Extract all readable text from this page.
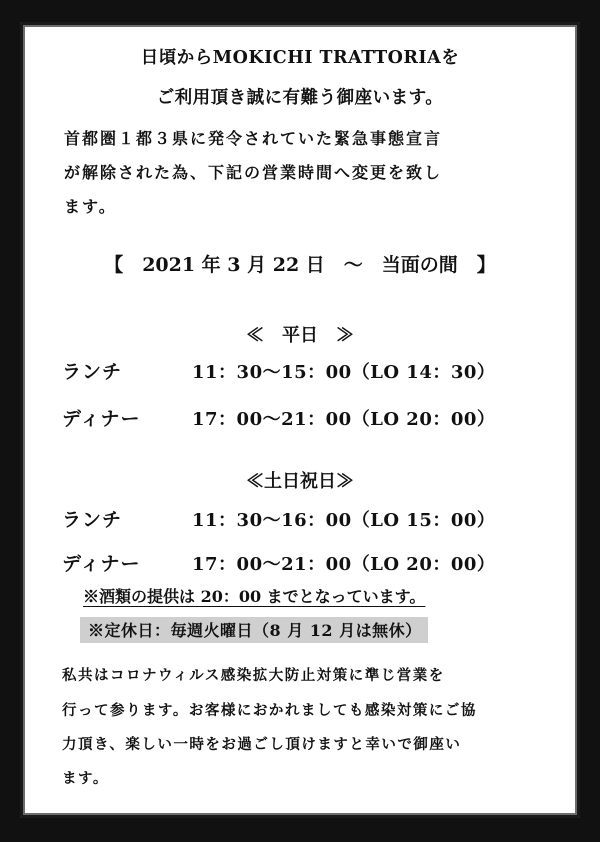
日頃からMOKICHI TRATTORIAを
ご利用頂き誠に有難う御座います。
首都圏１都３県に発令されていた緊急事態宣言
が解除された為、下記の営業時間へ変更を致し
ます。
【　2021 年 3 月 22 日　～　当面の間　】
≪　平日　≫
ランチ	11：30～15：00（LO 14：30）
ディナー	17：00～21：00（LO 20：00）
≪土日祝日≫
ランチ	11：30～16：00（LO 15：00）
ディナー	17：00～21：00（LO 20：00）
※酒類の提供は 20：00 までとなっています。
※定休日：毎週火曜日（8 月 12 月は無休）
私共はコロナウィルス感染拡大防止対策に準じ営業を
行って参ります。お客様におかれましても感染対策にご協
力頂き、楽しい一時をお過ごし頂けますと幸いで御座い
ます。
